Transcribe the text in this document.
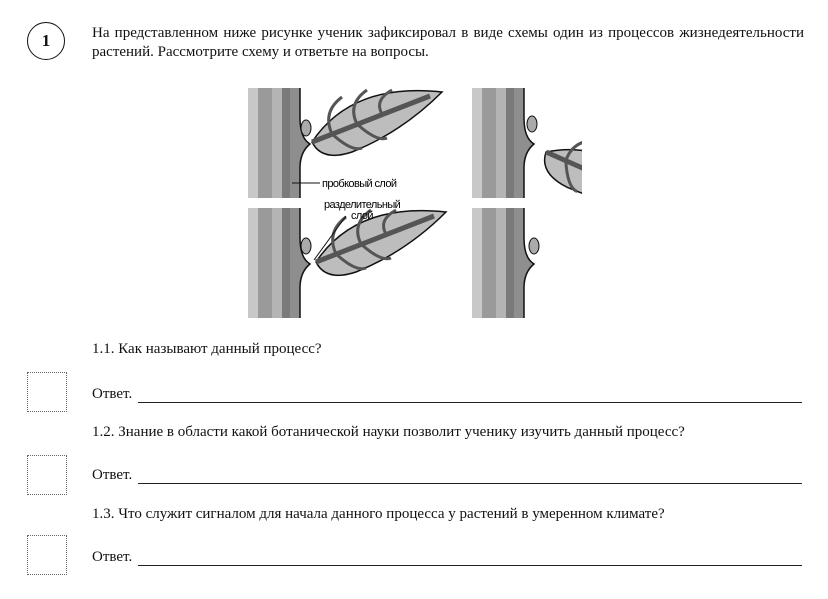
1	На представленном ниже рисунке ученик зафиксировал в виде схемы один из процессов жизнедеятельности растений. Рассмотрите схему и ответьте на вопросы.
пробковый слой
разделительный
слой
1.1. Как называют данный процесс?
Ответ.
1.2. Знание в области какой ботанической науки позволит ученику изучить данный процесс?
Ответ.
1.3. Что служит сигналом для начала данного процесса у растений в умеренном климате?
Ответ.
